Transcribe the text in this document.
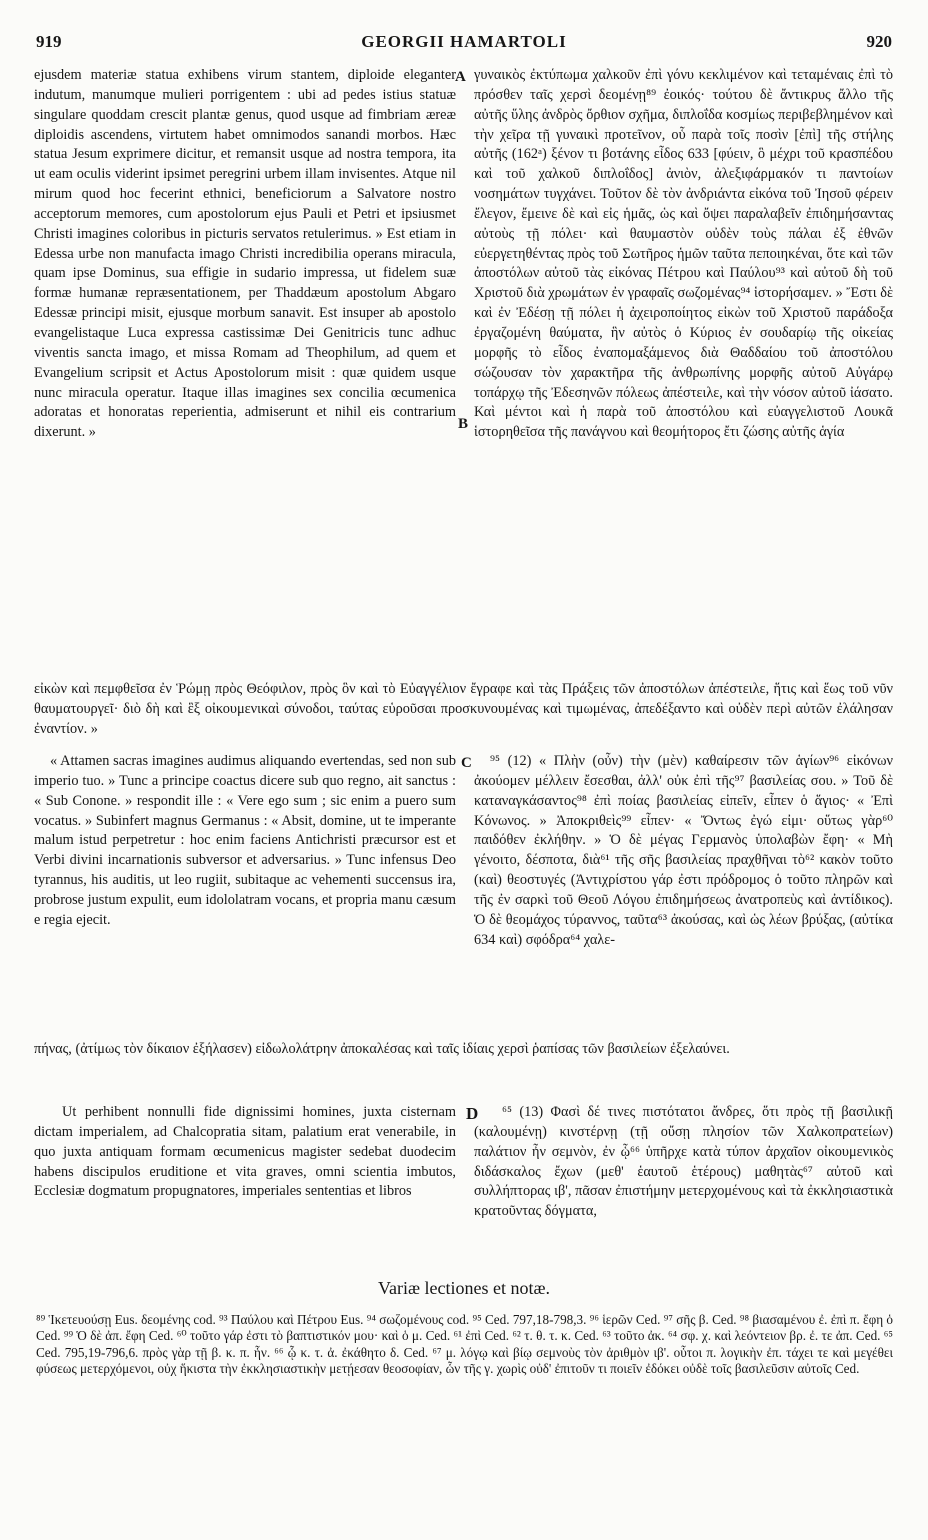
919	GEORGII HAMARTOLI	920

ejusdem materiæ statua exhibens virum stantem, diploide eleganter indutum, manumque mulieri porrigentem : ubi ad pedes istius statuæ singulare quoddam crescit plantæ genus, quod usque ad fimbriam æreæ diploidis ascendens, virtutem habet omnimodos sanandi morbos. Hæc statua Jesum exprimere dicitur, et remansit usque ad nostra tempora, ita ut eam oculis viderint ipsimet peregrini urbem illam invisentes. Atque nil mirum quod hoc fecerint ethnici, beneficiorum a Salvatore nostro acceptorum memores, cum apostolorum ejus Pauli et Petri et ipsiusmet Christi imagines coloribus in picturis servatos retulerimus. » Est etiam in Edessa urbe non manufacta imago Christi incredibilia operans miracula, quam ipse Dominus, sua effigie in sudario impressa, ut fidelem suæ formæ humanæ repræsentationem, per Thaddæum apostolum Abgaro Edessæ principi misit, ejusque morbum sanavit. Est insuper ab apostolo evangelistaque Luca expressa castissimæ Dei Genitricis tunc adhuc viventis sancta imago, et missa Romam ad Theophilum, ad quem et Evangelium scripsit et Actus Apostolorum misit : quæ quidem usque nunc miracula operatur. Itaque illas imagines sex concilia œcumenica adoratas et honoratas reperientia, admiserunt et nihil eis contrarium dixerunt. »

γυναικὸς ἐκτύπωμα χαλκοῦν ἐπὶ γόνυ κεκλιμένον καὶ τεταμέναις ἐπὶ τὸ πρόσθεν ταῖς χερσὶ δεομένῃ⁸⁹ ἐοικός· τούτου δὲ ἄντικρυς ἄλλο τῆς αὐτῆς ὕλης ἀνδρὸς ὄρθιον σχῆμα, διπλοΐδα κοσμίως περιβεβλημένον καὶ τὴν χεῖρα τῇ γυναικὶ προτεῖνον, οὗ παρὰ τοῖς ποσὶν [ἐπὶ] τῆς στήλης αὐτῆς (162ᵃ) ξένον τι βοτάνης εἶδος 633 [φύειν, ὃ μέχρι τοῦ κρασπέδου καὶ τοῦ χαλκοῦ διπλοΐδος] ἀνιὸν, ἀλεξιφάρμακόν τι παντοίων νοσημάτων τυγχάνει. Τοῦτον δὲ τὸν ἀνδριάντα εἰκόνα τοῦ Ἰησοῦ φέρειν ἔλεγον, ἔμεινε δὲ καὶ εἰς ἡμᾶς, ὡς καὶ ὄψει παραλαβεῖν ἐπιδημήσαντας αὐτοὺς τῇ πόλει· καὶ θαυμαστὸν οὐδὲν τοὺς πάλαι ἐξ ἐθνῶν εὐεργετηθέντας πρὸς τοῦ Σωτῆρος ἡμῶν ταῦτα πεποιηκέναι, ὅτε καὶ τῶν ἀποστόλων αὐτοῦ τὰς εἰκόνας Πέτρου καὶ Παύλου⁹³ καὶ αὐτοῦ δὴ τοῦ Χριστοῦ διὰ χρωμάτων ἐν γραφαῖς σωζομένας⁹⁴ ἱστορήσαμεν. » Ἔστι δὲ καὶ ἐν Ἐδέσῃ τῇ πόλει ἡ ἀχειροποίητος εἰκὼν τοῦ Χριστοῦ παράδοξα ἐργαζομένη θαύματα, ἣν αὐτὸς ὁ Κύριος ἐν σουδαρίῳ τῆς οἰκείας μορφῆς τὸ εἶδος ἐναπομαξάμενος διὰ Θαδδαίου τοῦ ἀποστόλου σώζουσαν τὸν χαρακτῆρα τῆς ἀνθρωπίνης μορφῆς αὐτοῦ Αὐγάρῳ τοπάρχῳ τῆς Ἐδεσηνῶν πόλεως ἀπέστειλε, καὶ τὴν νόσον αὐτοῦ ἰάσατο. Καὶ μέντοι καὶ ἡ παρὰ τοῦ ἀποστόλου καὶ εὐαγγελιστοῦ Λουκᾶ ἱστορηθεῖσα τῆς πανάγνου καὶ θεομήτορος ἔτι ζώσης αὐτῆς ἁγία

A
B

εἰκὼν καὶ πεμφθεῖσα ἐν Ῥώμῃ πρὸς Θεόφιλον, πρὸς ὃν καὶ τὸ Εὐαγγέλιον ἔγραφε καὶ τὰς Πράξεις τῶν ἀποστόλων ἀπέστειλε, ἥτις καὶ ἕως τοῦ νῦν θαυματουργεῖ· διὸ δὴ καὶ ἓξ οἰκουμενικαὶ σύνοδοι, ταύτας εὑροῦσαι προσκυνουμένας καὶ τιμωμένας, ἀπεδέξαντο καὶ οὐδὲν περὶ αὐτῶν ἐλάλησαν ἐναντίον. »

« Attamen sacras imagines audimus aliquando evertendas, sed non sub imperio tuo. » Tunc a principe coactus dicere sub quo regno, ait sanctus : « Sub Conone. » respondit ille : « Vere ego sum ; sic enim a puero sum vocatus. » Subinfert magnus Germanus : « Absit, domine, ut te imperante malum istud perpetretur : hoc enim faciens Antichristi præcursor est et Verbi divini incarnationis subversor et adversarius. » Tunc infensus Deo tyrannus, his auditis, ut leo rugiit, subitaque ac vehementi succensus ira, probrose justum expulit, eum idololatram vocans, et propria manu cæsum e regia ejecit.

⁹⁵ (12) « Πλὴν (οὖν) τὴν (μὲν) καθαίρεσιν τῶν ἁγίων⁹⁶ εἰκόνων ἀκούομεν μέλλειν ἔσεσθαι, ἀλλ' οὐκ ἐπὶ τῆς⁹⁷ βασιλείας σου. » Τοῦ δὲ καταναγκάσαντος⁹⁸ ἐπὶ ποίας βασιλείας εἰπεῖν, εἶπεν ὁ ἅγιος· « Ἐπὶ Κόνωνος. » Ἀποκριθεὶς⁹⁹ εἶπεν· « Ὄντως ἐγώ εἰμι· οὕτως γὰρ⁶⁰ παιδόθεν ἐκλήθην. » Ὁ δὲ μέγας Γερμανὸς ὑπολαβὼν ἔφη· « Μὴ γένοιτο, δέσποτα, διὰ⁶¹ τῆς σῆς βασιλείας πραχθῆναι τὸ⁶² κακὸν τοῦτο (καὶ) θεοστυγές (Ἀντιχρίστου γάρ ἐστι πρόδρομος ὁ τοῦτο πληρῶν καὶ τῆς ἐν σαρκὶ τοῦ Θεοῦ Λόγου ἐπιδημήσεως ἀνατροπεὺς καὶ ἀντίδικος). Ὁ δὲ θεομάχος τύραννος, ταῦτα⁶³ ἀκούσας, καὶ ὡς λέων βρύξας, (αὐτίκα 634 καὶ) σφόδρα⁶⁴ χαλε-

C

πήνας, (ἀτίμως τὸν δίκαιον ἐξήλασεν) εἰδωλολάτρην ἀποκαλέσας καὶ ταῖς ἰδίαις χερσὶ ῥαπίσας τῶν βασιλείων ἐξελαύνει.

Ut perhibent nonnulli fide dignissimi homines, juxta cisternam dictam imperialem, ad Chalcopratia sitam, palatium erat venerabile, in quo juxta antiquam formam œcumenicus magister sedebat duodecim habens discipulos eruditione et vita graves, omni scientia imbutos, Ecclesiæ dogmatum propugnatores, imperiales sententias et libros

⁶⁵ (13) Φασὶ δέ τινες πιστότατοι ἄνδρες, ὅτι πρὸς τῇ βασιλικῇ (καλουμένῃ) κινστέρνῃ (τῇ οὔσῃ πλησίον τῶν Χαλκοπρατείων) παλάτιον ἦν σεμνὸν, ἐν ᾧ⁶⁶ ὑπῆρχε κατὰ τύπον ἀρχαῖον οἰκουμενικὸς διδάσκαλος ἔχων (μεθ' ἑαυτοῦ ἑτέρους) μαθητὰς⁶⁷ αὐτοῦ καὶ συλλήπτορας ιβ', πᾶσαν ἐπιστήμην μετερχομένους καὶ τὰ ἐκκλησιαστικὰ κρατοῦντας δόγματα,

D
Variæ lectiones et notæ.

⁸⁹ Ἱκετευούσῃ Eus. δεομένης cod. ⁹³ Παύλου καὶ Πέτρου Eus. ⁹⁴ σωζομένους cod. ⁹⁵ Ced. 797,18-798,3. ⁹⁶ ἱερῶν Ced. ⁹⁷ σῆς β. Ced. ⁹⁸ βιασαμένου ἐ. ἐπὶ π. ἔφη ὁ Ced. ⁹⁹ Ὁ δὲ ἀπ. ἔφη Ced. ⁶⁰ τοῦτο γάρ ἐστι τὸ βαπτιστικόν μου· καὶ ὁ μ. Ced. ⁶¹ ἐπὶ Ced. ⁶² τ. θ. τ. κ. Ced. ⁶³ τοῦτο ἀκ. ⁶⁴ σφ. χ. καὶ λεόντειον βρ. ἐ. τε ἀπ. Ced. ⁶⁵ Ced. 795,19-796,6. πρὸς γὰρ τῇ β. κ. π. ἦν. ⁶⁶ ᾧ κ. τ. ἀ. ἐκάθητο δ. Ced. ⁶⁷ μ. λόγῳ καὶ βίῳ σεμνοὺς τὸν ἀριθμὸν ιβ'. οὗτοι π. λογικὴν ἐπ. τάχει τε καὶ μεγέθει φύσεως μετερχόμενοι, οὐχ ἥκιστα τὴν ἐκκλησιαστικὴν μετῄεσαν θεοσοφίαν, ὧν τῆς γ. χωρὶς οὐδ' ἐπιτοῦν τι ποιεῖν ἐδόκει οὐδὲ τοῖς βασιλεῦσιν αὐτοῖς Ced.
